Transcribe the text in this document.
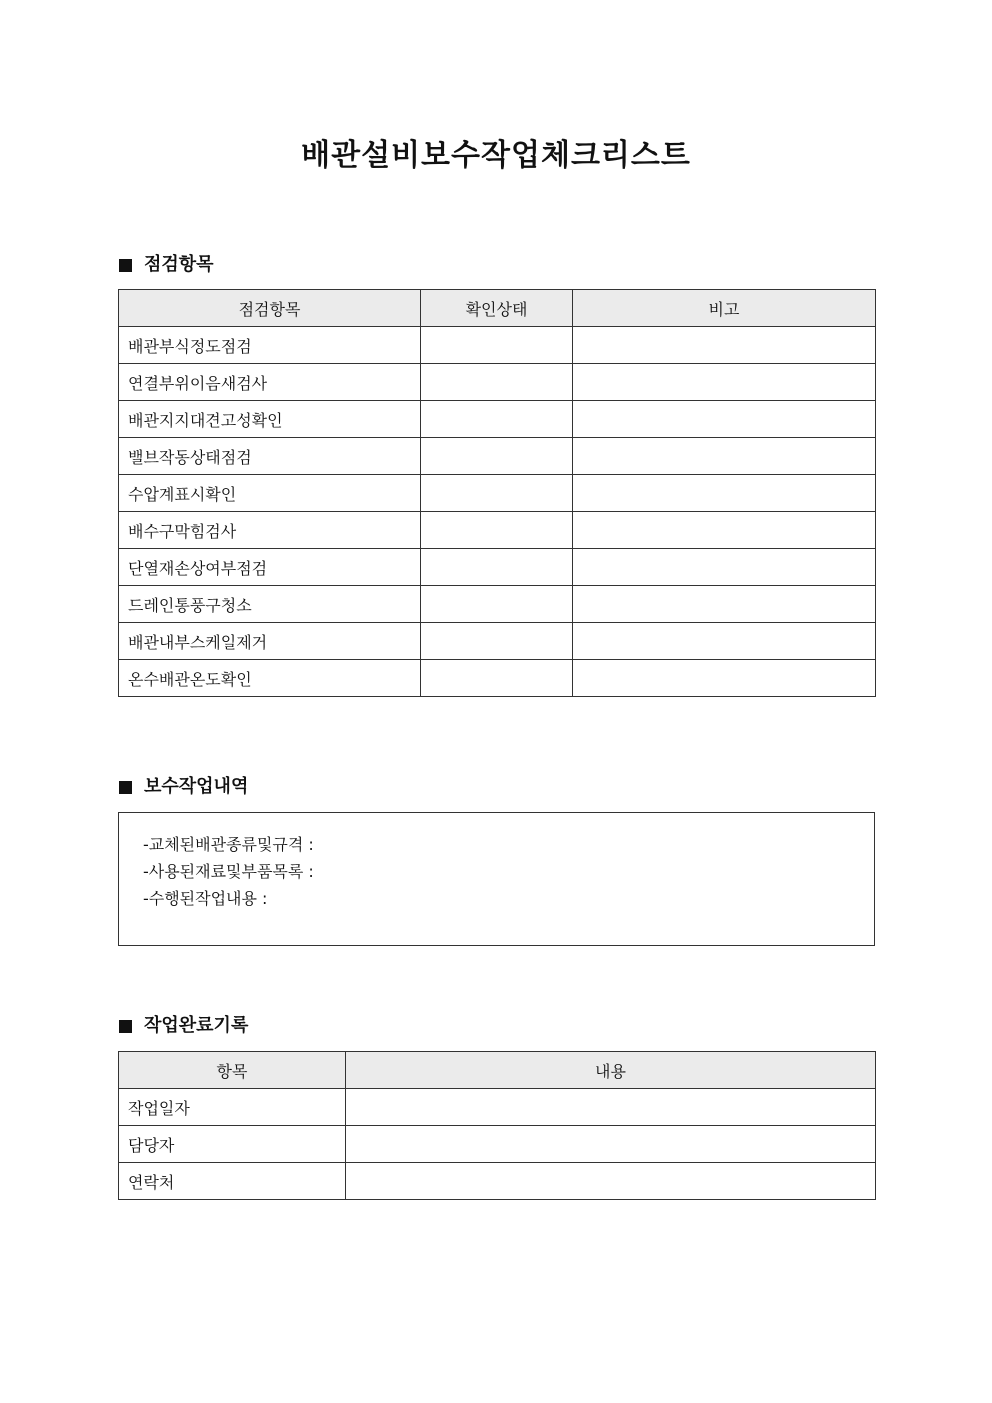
배관설비보수작업체크리스트
점검항목
점검항목	확인상태	비고
배관부식정도점검		
연결부위이음새검사		
배관지지대견고성확인		
밸브작동상태점검		
수압계표시확인		
배수구막힘검사		
단열재손상여부점검		
드레인통풍구청소		
배관내부스케일제거		
온수배관온도확인		
보수작업내역
-교체된배관종류및규격 :
-사용된재료및부품목록 :
-수행된작업내용 :
작업완료기록
항목	내용
작업일자	
담당자	
연락처	
